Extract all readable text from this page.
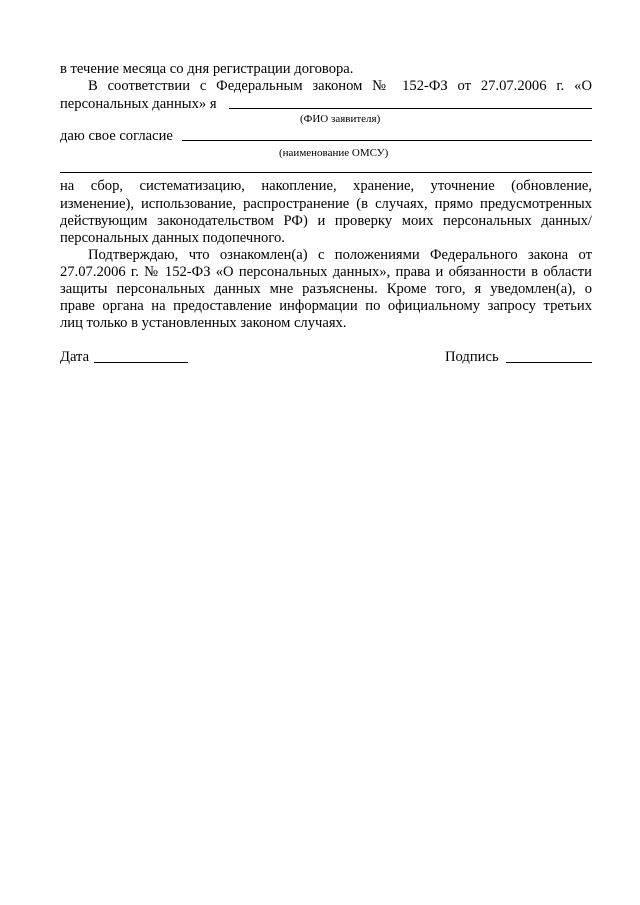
в течение месяца со дня регистрации договора.
В соответствии с Федеральным законом № 152-ФЗ от 27.07.2006 г. «О
персональных данных» я
(ФИО заявителя)
даю свое согласие
(наименование ОМСУ)
на сбор, систематизацию, накопление, хранение, уточнение (обновление,
изменение), использование, распространение (в случаях, прямо предусмотренных
действующим законодательством РФ) и проверку моих персональных данных/
персональных данных подопечного.
Подтверждаю, что ознакомлен(а) с положениями Федерального закона от
27.07.2006 г. № 152-ФЗ «О персональных данных», права и обязанности в области
защиты персональных данных мне разъяснены. Кроме того, я уведомлен(а), о
праве органа на предоставление информации по официальному запросу третьих
лиц только в установленных законом случаях.
Дата	Подпись
